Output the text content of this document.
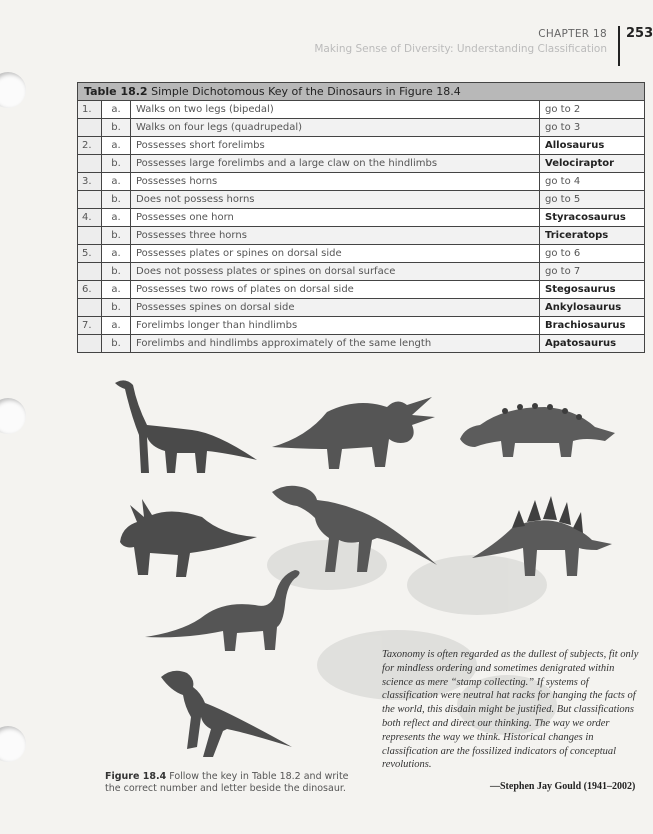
CHAPTER 18
Making Sense of Diversity: Understanding Classification
253
Table 18.2 Simple Dichotomous Key of the Dinosaurs in Figure 18.4			
1.	a.	Walks on two legs (bipedal)	go to 2
	b.	Walks on four legs (quadrupedal)	go to 3
2.	a.	Possesses short forelimbs	Allosaurus
	b.	Possesses large forelimbs and a large claw on the hindlimbs	Velociraptor
3.	a.	Possesses horns	go to 4
	b.	Does not possess horns	go to 5
4.	a.	Possesses one horn	Styracosaurus
	b.	Possesses three horns	Triceratops
5.	a.	Possesses plates or spines on dorsal side	go to 6
	b.	Does not possess plates or spines on dorsal surface	go to 7
6.	a.	Possesses two rows of plates on dorsal side	Stegosaurus
	b.	Possesses spines on dorsal side	Ankylosaurus
7.	a.	Forelimbs longer than hindlimbs	Brachiosaurus
	b.	Forelimbs and hindlimbs approximately of the same length	Apatosaurus
Figure 18.4 Follow the key in Table 18.2 and write the correct number and letter beside the dinosaur.
Taxonomy is often regarded as the dullest of subjects, fit only for mindless ordering and sometimes denigrated within science as mere “stamp collecting.” If systems of classification were neutral hat racks for hanging the facts of the world, this disdain might be justified. But classifications both reflect and direct our thinking. The way we order represents the way we think. Historical changes in classification are the fossilized indicators of conceptual revolutions.
—Stephen Jay Gould (1941–2002)
